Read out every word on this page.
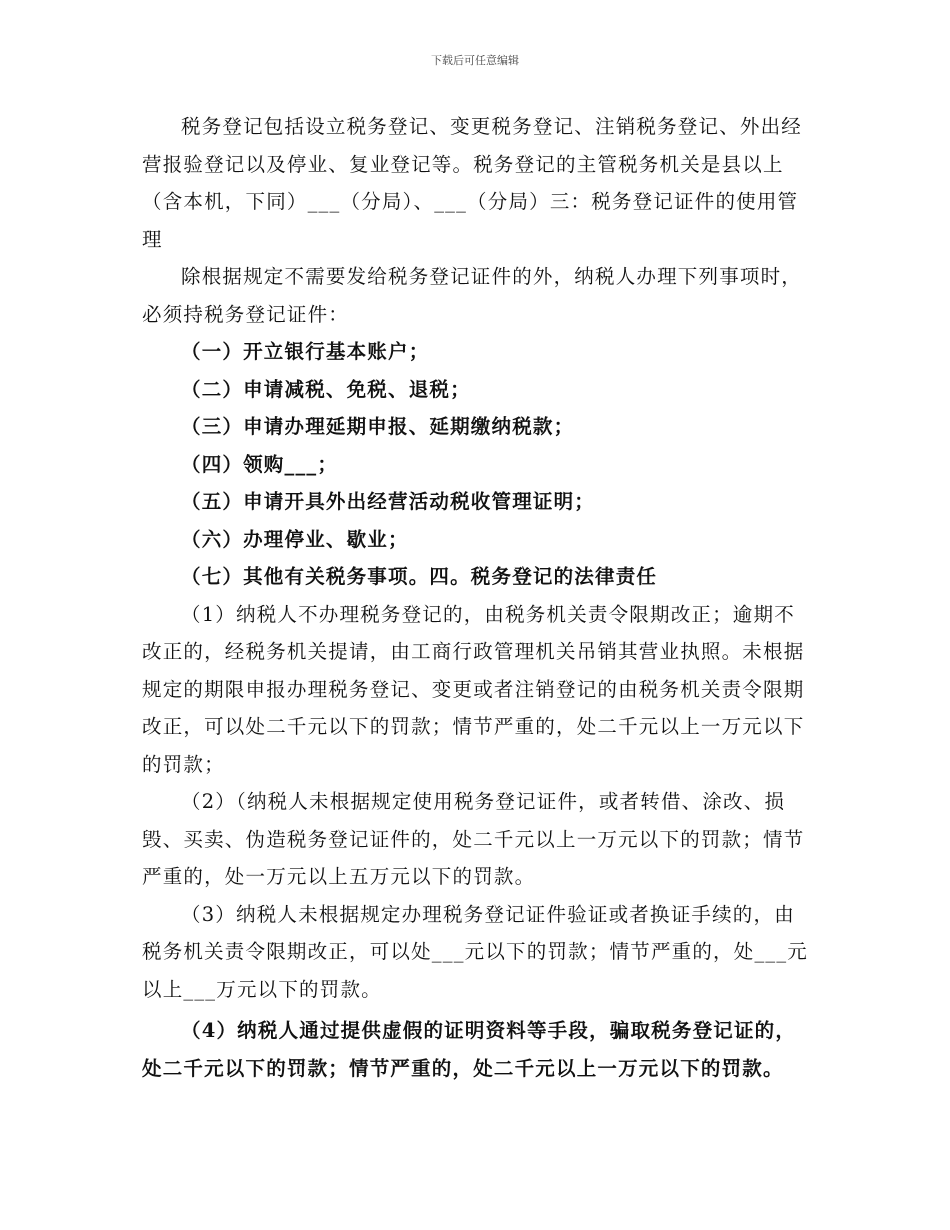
下载后可任意编辑

税务登记包括设立税务登记、变更税务登记、注销税务登记、外出经营报验登记以及停业、复业登记等。税务登记的主管税务机关是县以上（含本机，下同）___（分局）、___（分局）三：税务登记证件的使用管理

除根据规定不需要发给税务登记证件的外，纳税人办理下列事项时，必须持税务登记证件：

（一）开立银行基本账户；

（二）申请减税、免税、退税；

（三）申请办理延期申报、延期缴纳税款；

（四）领购___；

（五）申请开具外出经营活动税收管理证明；

（六）办理停业、歇业；

（七）其他有关税务事项。四。税务登记的法律责任

（1）纳税人不办理税务登记的，由税务机关责令限期改正；逾期不改正的，经税务机关提请，由工商行政管理机关吊销其营业执照。未根据规定的期限申报办理税务登记、变更或者注销登记的由税务机关责令限期改正，可以处二千元以下的罚款；情节严重的，处二千元以上一万元以下的罚款；

（2）（纳税人未根据规定使用税务登记证件，或者转借、涂改、损毁、买卖、伪造税务登记证件的，处二千元以上一万元以下的罚款；情节严重的，处一万元以上五万元以下的罚款。

（3）纳税人未根据规定办理税务登记证件验证或者换证手续的，由税务机关责令限期改正，可以处___元以下的罚款；情节严重的，处___元以上___万元以下的罚款。

（4）纳税人通过提供虚假的证明资料等手段，骗取税务登记证的，处二千元以下的罚款；情节严重的，处二千元以上一万元以下的罚款。
